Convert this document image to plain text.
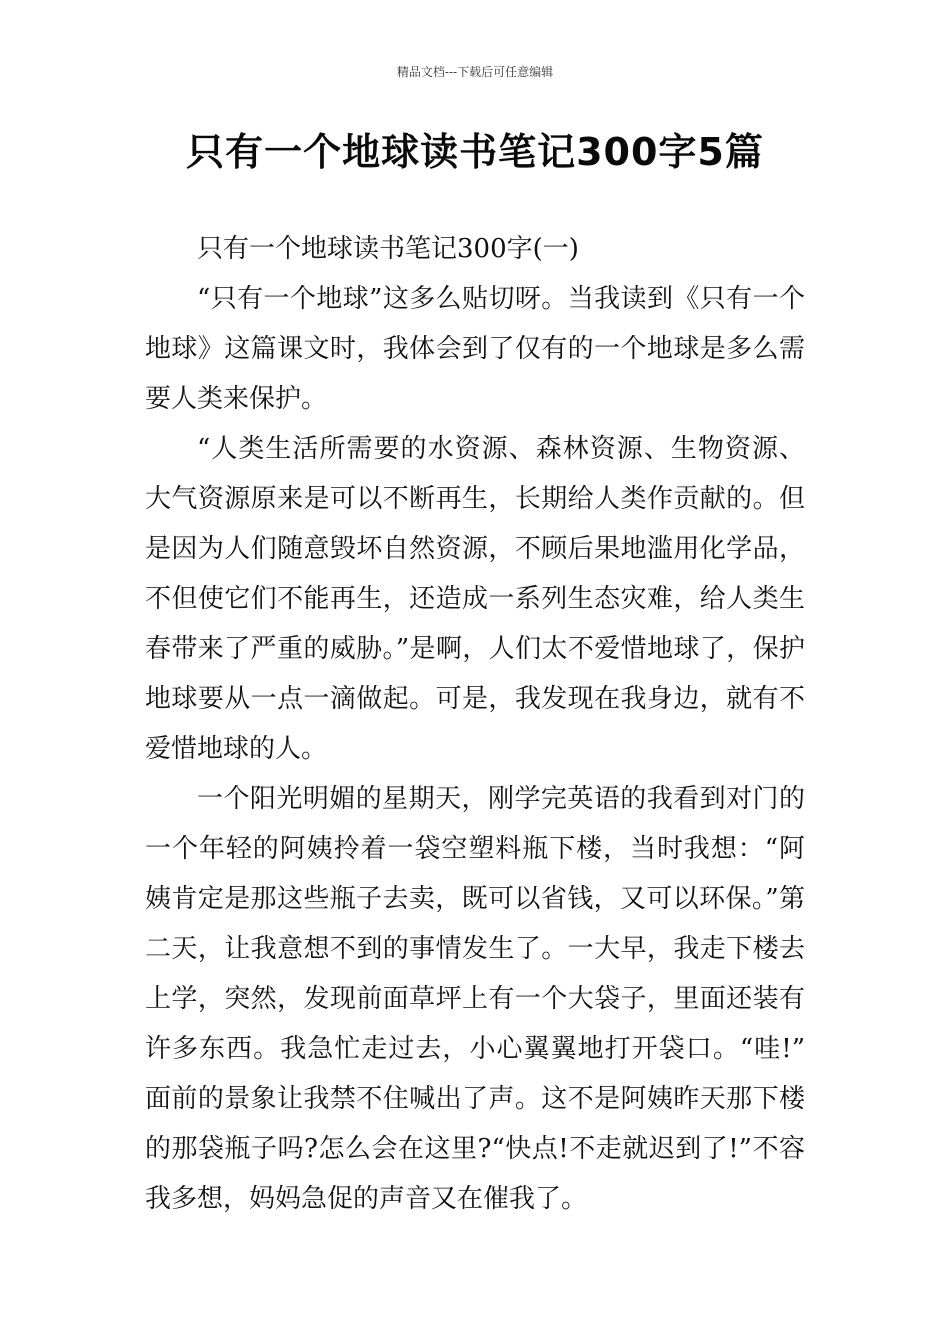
精品文档---下载后可任意编辑
只有一个地球读书笔记300字5篇

只有一个地球读书笔记300字(一)

“只有一个地球”这多么贴切呀。当我读到《只有一个地球》这篇课文时，我体会到了仅有的一个地球是多么需要人类来保护。

“人类生活所需要的水资源、森林资源、生物资源、大气资源原来是可以不断再生，长期给人类作贡献的。但是因为人们随意毁坏自然资源，不顾后果地滥用化学品，不但使它们不能再生，还造成一系列生态灾难，给人类生春带来了严重的威胁。”是啊，人们太不爱惜地球了，保护地球要从一点一滴做起。可是，我发现在我身边，就有不爱惜地球的人。

一个阳光明媚的星期天，刚学完英语的我看到对门的一个年轻的阿姨拎着一袋空塑料瓶下楼，当时我想：“阿姨肯定是那这些瓶子去卖，既可以省钱，又可以环保。”第二天，让我意想不到的事情发生了。一大早，我走下楼去上学，突然，发现前面草坪上有一个大袋子，里面还装有许多东西。我急忙走过去，小心翼翼地打开袋口。“哇!”面前的景象让我禁不住喊出了声。这不是阿姨昨天那下楼的那袋瓶子吗?怎么会在这里?“快点!不走就迟到了!”不容我多想，妈妈急促的声音又在催我了。
